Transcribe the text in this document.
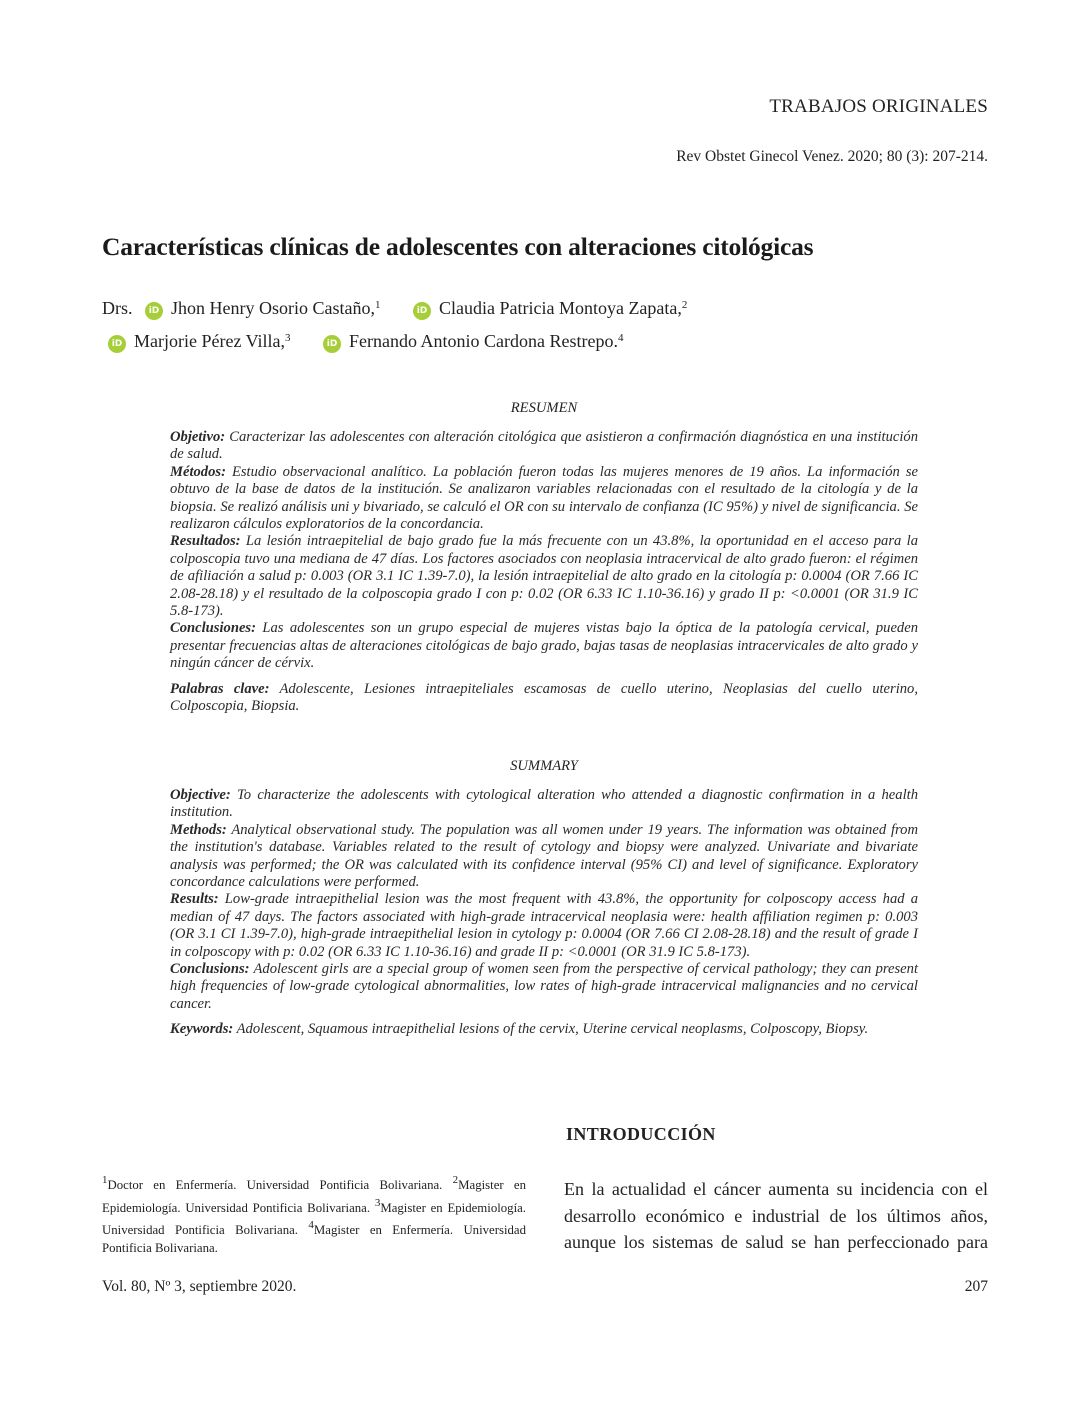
TRABAJOS ORIGINALES
Rev Obstet Ginecol Venez. 2020; 80 (3): 207-214.
Características clínicas de adolescentes con alteraciones citológicas
Drs. iD Jhon Henry Osorio Castaño,$^1$	iD Claudia Patricia Montoya Zapata,$^2$
iD Marjorie Pérez Villa,$^3$	iD Fernando Antonio Cardona Restrepo.$^4$
RESUMEN

Objetivo: Caracterizar las adolescentes con alteración citológica que asistieron a confirmación diagnóstica en una institución de salud.

Métodos: Estudio observacional analítico. La población fueron todas las mujeres menores de 19 años. La información se obtuvo de la base de datos de la institución. Se analizaron variables relacionadas con el resultado de la citología y de la biopsia. Se realizó análisis uni y bivariado, se calculó el OR con su intervalo de confianza (IC 95%) y nivel de significancia. Se realizaron cálculos exploratorios de la concordancia.

Resultados: La lesión intraepitelial de bajo grado fue la más frecuente con un 43.8%, la oportunidad en el acceso para la colposcopia tuvo una mediana de 47 días. Los factores asociados con neoplasia intracervical de alto grado fueron: el régimen de afiliación a salud p: 0.003 (OR 3.1 IC 1.39-7.0), la lesión intraepitelial de alto grado en la citología p: 0.0004 (OR 7.66 IC 2.08-28.18) y el resultado de la colposcopia grado I con p: 0.02 (OR 6.33 IC 1.10-36.16) y grado II p: <0.0001 (OR 31.9 IC 5.8-173).

Conclusiones: Las adolescentes son un grupo especial de mujeres vistas bajo la óptica de la patología cervical, pueden presentar frecuencias altas de alteraciones citológicas de bajo grado, bajas tasas de neoplasias intracervicales de alto grado y ningún cáncer de cérvix.

Palabras clave: Adolescente, Lesiones intraepiteliales escamosas de cuello uterino, Neoplasias del cuello uterino, Colposcopia, Biopsia.

SUMMARY

Objective: To characterize the adolescents with cytological alteration who attended a diagnostic confirmation in a health institution.

Methods: Analytical observational study. The population was all women under 19 years. The information was obtained from the institution's database. Variables related to the result of cytology and biopsy were analyzed. Univariate and bivariate analysis was performed; the OR was calculated with its confidence interval (95% CI) and level of significance. Exploratory concordance calculations were performed.

Results: Low-grade intraepithelial lesion was the most frequent with 43.8%, the opportunity for colposcopy access had a median of 47 days. The factors associated with high-grade intracervical neoplasia were: health affiliation regimen p: 0.003 (OR 3.1 CI 1.39-7.0), high-grade intraepithelial lesion in cytology p: 0.0004 (OR 7.66 CI 2.08-28.18) and the result of grade I in colposcopy with p: 0.02 (OR 6.33 IC 1.10-36.16) and grade II p: <0.0001 (OR 31.9 IC 5.8-173).

Conclusions: Adolescent girls are a special group of women seen from the perspective of cervical pathology; they can present high frequencies of low-grade cytological abnormalities, low rates of high-grade intracervical malignancies and no cervical cancer.

Keywords: Adolescent, Squamous intraepithelial lesions of the cervix, Uterine cervical neoplasms, Colposcopy, Biopsy.

INTRODUCCIÓN
En la actualidad el cáncer aumenta su incidencia con el
desarrollo económico e industrial de los últimos años,
aunque los sistemas de salud se han perfeccionado para
$^1$Doctor en Enfermería. Universidad Pontificia Bolivariana. $^2$Magister en Epidemiología. Universidad Pontificia Bolivariana. $^3$Magister en Epidemiología. Universidad Pontificia Bolivariana. $^4$Magister en Enfermería. Universidad Pontificia Bolivariana.
Vol. 80, Nº 3, septiembre 2020.	207
